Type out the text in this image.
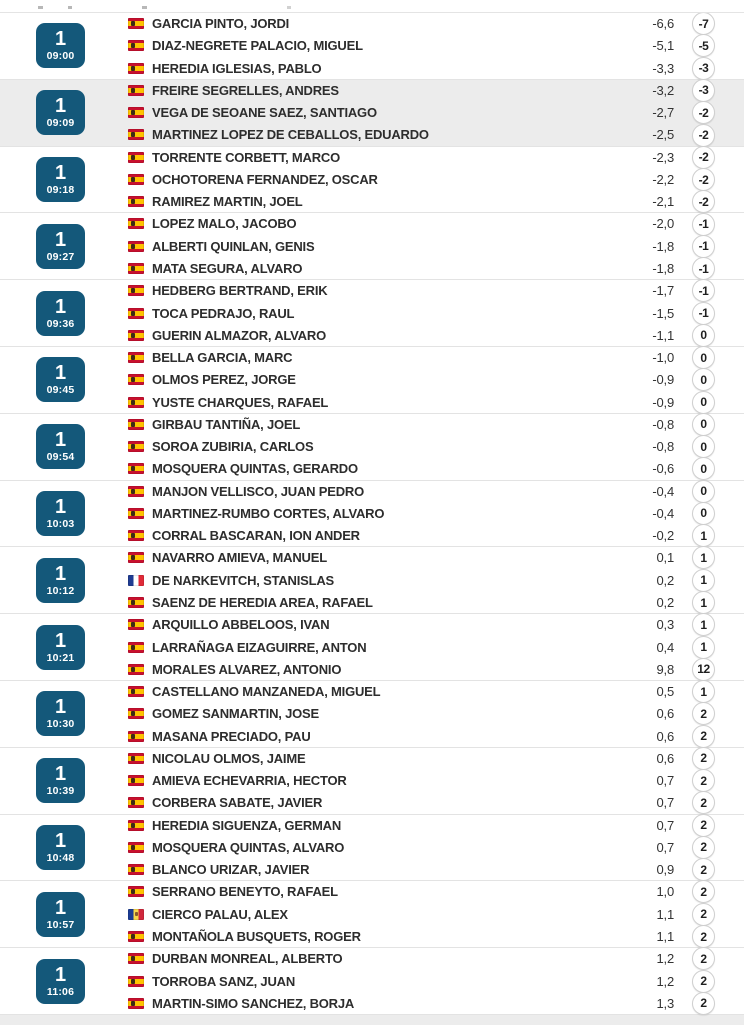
1
09:00
GARCIA PINTO, JORDI	-6,6	-7
DIAZ-NEGRETE PALACIO, MIGUEL	-5,1	-5
HEREDIA IGLESIAS, PABLO	-3,3	-3
1
09:09
FREIRE SEGRELLES, ANDRES	-3,2	-3
VEGA DE SEOANE SAEZ, SANTIAGO	-2,7	-2
MARTINEZ LOPEZ DE CEBALLOS, EDUARDO	-2,5	-2
1
09:18
TORRENTE CORBETT, MARCO	-2,3	-2
OCHOTORENA FERNANDEZ, OSCAR	-2,2	-2
RAMIREZ MARTIN, JOEL	-2,1	-2
1
09:27
LOPEZ MALO, JACOBO	-2,0	-1
ALBERTI QUINLAN, GENIS	-1,8	-1
MATA SEGURA, ALVARO	-1,8	-1
1
09:36
HEDBERG BERTRAND, ERIK	-1,7	-1
TOCA PEDRAJO, RAUL	-1,5	-1
GUERIN ALMAZOR, ALVARO	-1,1	0
1
09:45
BELLA GARCIA, MARC	-1,0	0
OLMOS PEREZ, JORGE	-0,9	0
YUSTE CHARQUES, RAFAEL	-0,9	0
1
09:54
GIRBAU TANTIÑA, JOEL	-0,8	0
SOROA ZUBIRIA, CARLOS	-0,8	0
MOSQUERA QUINTAS, GERARDO	-0,6	0
1
10:03
MANJON VELLISCO, JUAN PEDRO	-0,4	0
MARTINEZ-RUMBO CORTES, ALVARO	-0,4	0
CORRAL BASCARAN, ION ANDER	-0,2	1
1
10:12
NAVARRO AMIEVA, MANUEL	0,1	1
DE NARKEVITCH, STANISLAS	0,2	1
SAENZ DE HEREDIA AREA, RAFAEL	0,2	1
1
10:21
ARQUILLO ABBELOOS, IVAN	0,3	1
LARRAÑAGA EIZAGUIRRE, ANTON	0,4	1
MORALES ALVAREZ, ANTONIO	9,8	12
1
10:30
CASTELLANO MANZANEDA, MIGUEL	0,5	1
GOMEZ SANMARTIN, JOSE	0,6	2
MASANA PRECIADO, PAU	0,6	2
1
10:39
NICOLAU OLMOS, JAIME	0,6	2
AMIEVA ECHEVARRIA, HECTOR	0,7	2
CORBERA SABATE, JAVIER	0,7	2
1
10:48
HEREDIA SIGUENZA, GERMAN	0,7	2
MOSQUERA QUINTAS, ALVARO	0,7	2
BLANCO URIZAR, JAVIER	0,9	2
1
10:57
SERRANO BENEYTO, RAFAEL	1,0	2
CIERCO PALAU, ALEX	1,1	2
MONTAÑOLA BUSQUETS, ROGER	1,1	2
1
11:06
DURBAN MONREAL, ALBERTO	1,2	2
TORROBA SANZ, JUAN	1,2	2
MARTIN-SIMO SANCHEZ, BORJA	1,3	2
